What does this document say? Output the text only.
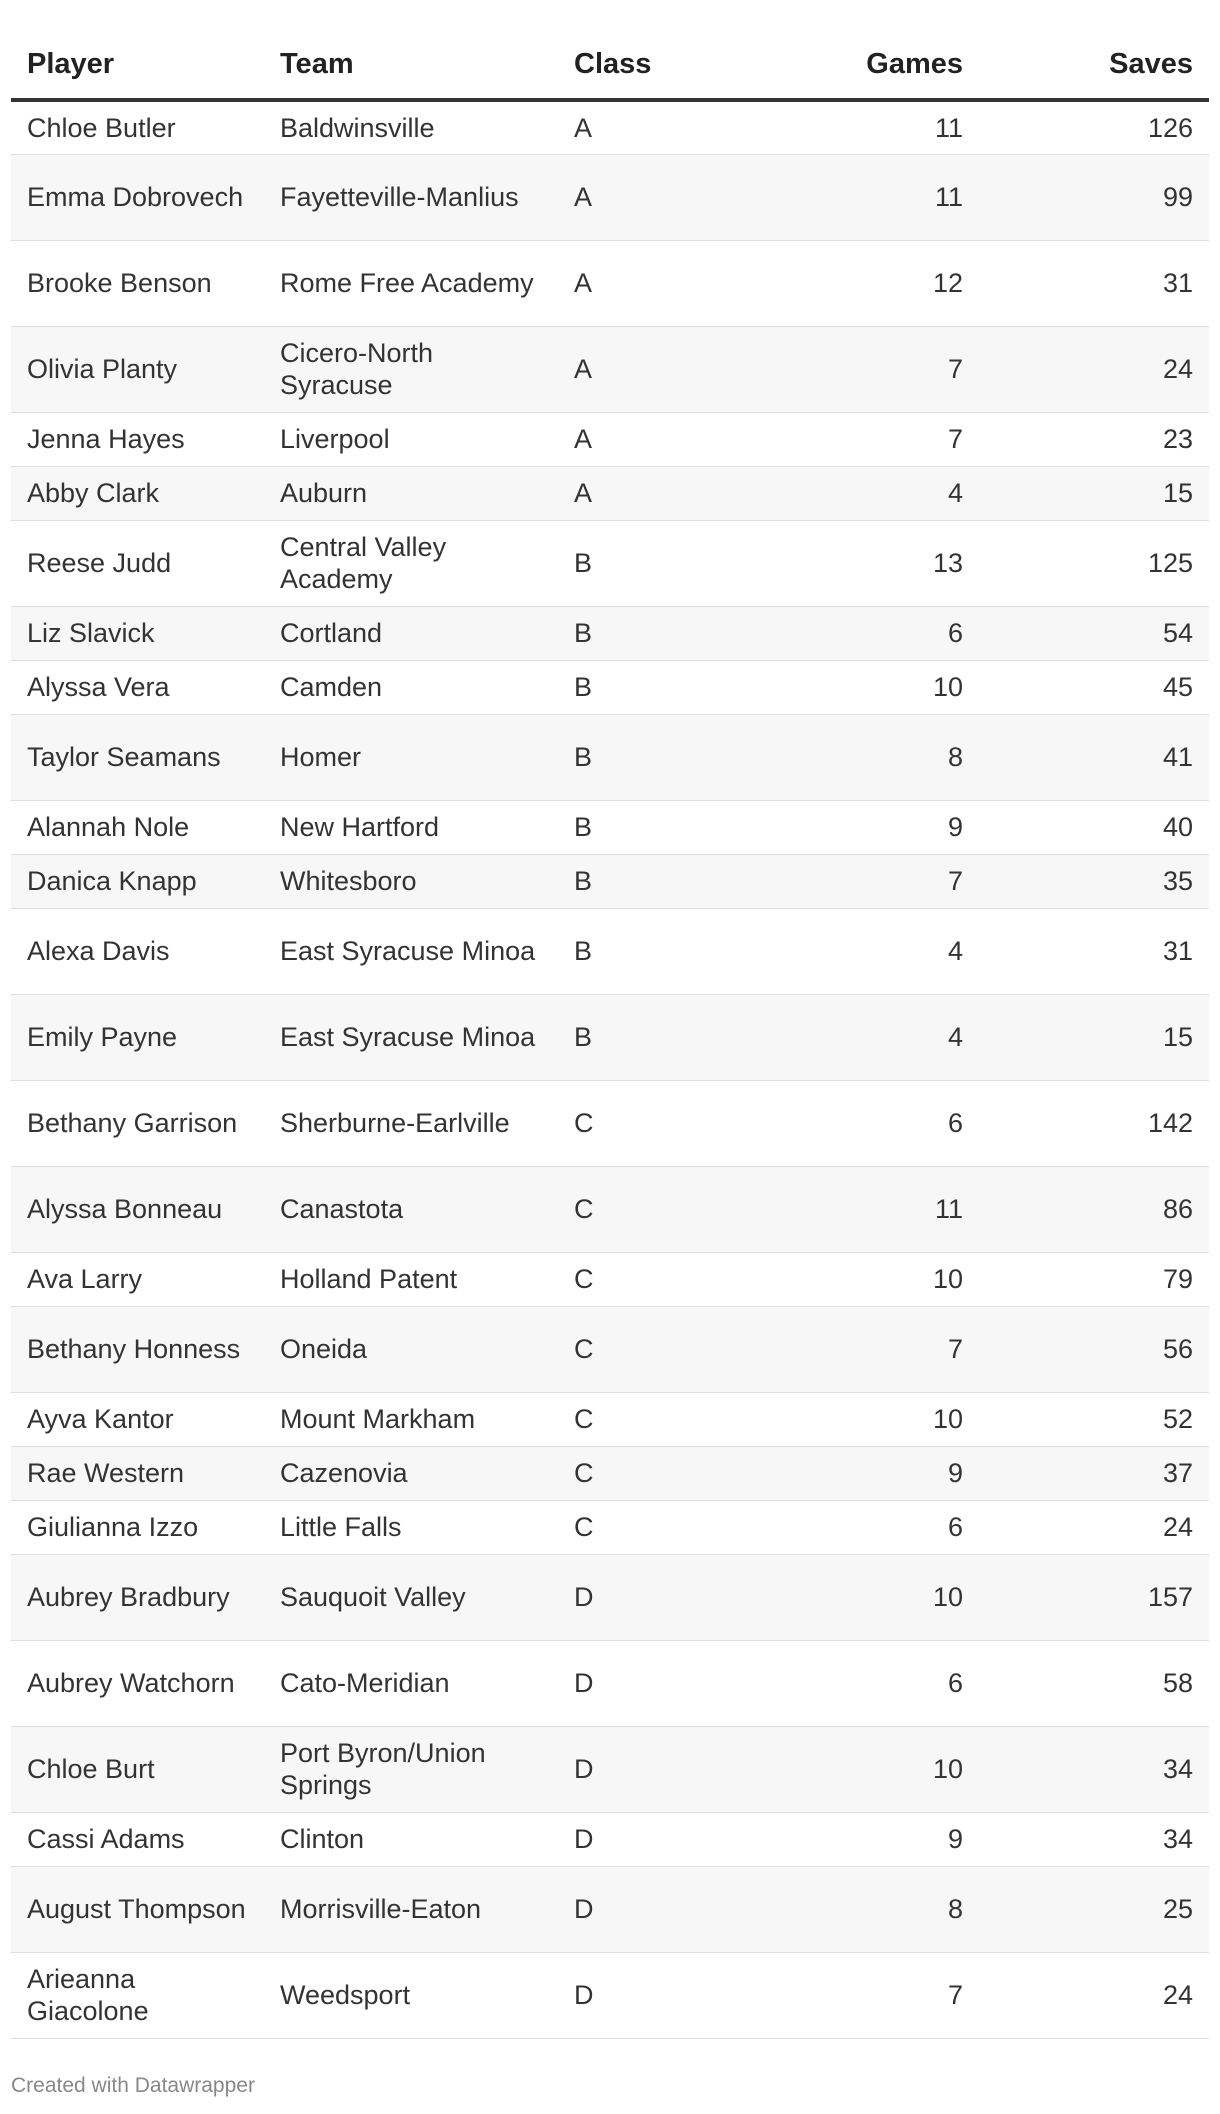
Player	Team	Class	Games	Saves
Chloe Butler	Baldwinsville	A	11	126
Emma Dobrovech	Fayetteville-Manlius	A	11	99
Brooke Benson	Rome Free Academy	A	12	31
Olivia Planty	Cicero-North Syracuse	A	7	24
Jenna Hayes	Liverpool	A	7	23
Abby Clark	Auburn	A	4	15
Reese Judd	Central Valley Academy	B	13	125
Liz Slavick	Cortland	B	6	54
Alyssa Vera	Camden	B	10	45
Taylor Seamans	Homer	B	8	41
Alannah Nole	New Hartford	B	9	40
Danica Knapp	Whitesboro	B	7	35
Alexa Davis	East Syracuse Minoa	B	4	31
Emily Payne	East Syracuse Minoa	B	4	15
Bethany Garrison	Sherburne-Earlville	C	6	142
Alyssa Bonneau	Canastota	C	11	86
Ava Larry	Holland Patent	C	10	79
Bethany Honness	Oneida	C	7	56
Ayva Kantor	Mount Markham	C	10	52
Rae Western	Cazenovia	C	9	37
Giulianna Izzo	Little Falls	C	6	24
Aubrey Bradbury	Sauquoit Valley	D	10	157
Aubrey Watchorn	Cato-Meridian	D	6	58
Chloe Burt	Port Byron/Union Springs	D	10	34
Cassi Adams	Clinton	D	9	34
August Thompson	Morrisville-Eaton	D	8	25
Arieanna Giacolone	Weedsport	D	7	24
Created with Datawrapper
